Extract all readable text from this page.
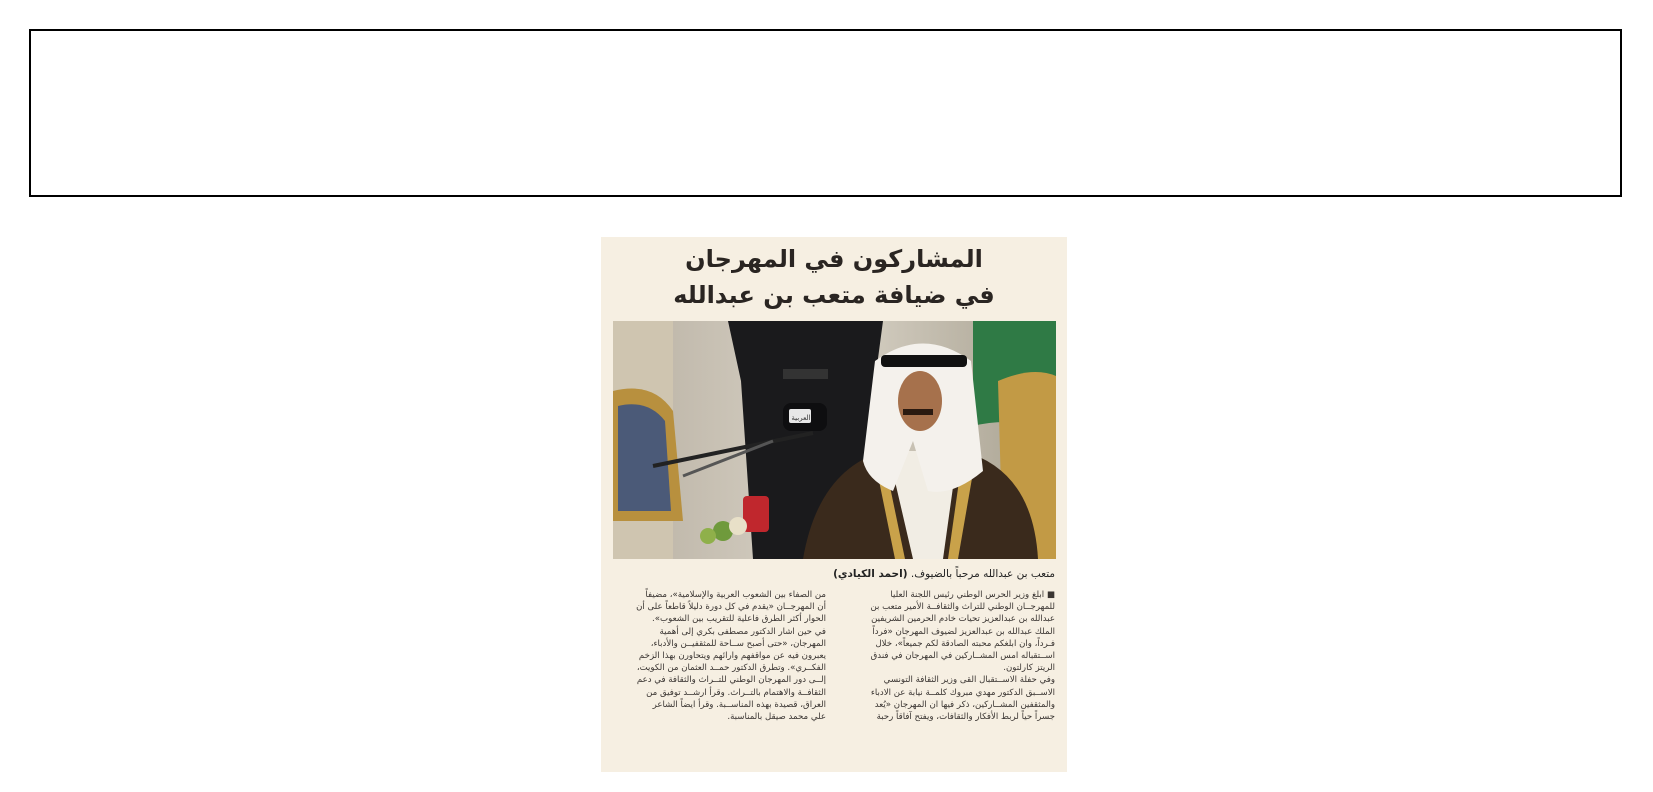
المشاركون في المهرجان
في ضيافة متعب بن عبدالله
العربية
متعب بن عبدالله مرحباً بالضيوف. (احمد الكيادي)
■ ابلغ وزير الحرس الوطني رئيس اللجنة العليا
للمهرجــان الوطني للتراث والثقافــة الأمير متعب بن
عبدالله بن عبدالعزيز تحيات خادم الحرمين الشريفين
الملك عبدالله بن عبدالعزيز لضيوف المهرجان «فرداً
فـرداً، وان ابلغكم محبته الصادقة لكم جميعاً»، خلال
اســتقباله امس المشــاركين في المهرجان في فندق
الريتز كارلتون.
وفي حفلة الاســتقبال القى وزير الثقافة التونسي
الاســبق الدكتور مهدي مبروك كلمــة نيابة عن الادباء
والمثقفين المشــاركين، ذكر فيها ان المهرجان «يُعد
جسراً حياً لربط الأفكار والثقافات، ويفتح آفاقاً رحبة
من الصفاء بين الشعوب العربية والإسلامية»، مضيفاً
أن المهرجــان «يقدم في كل دورة دليلاً قاطعاً على أن
الحوار أكثر الطرق فاعلية للتقريب بين الشعوب».
في حين اشار الدكتور مصطفى بكري إلى أهمية
المهرجان، «حتى أصبح ســاحة للمثقفيــن والأدباء،
يعبرون فيه عن مواقفهم وارائهم ويتحاورن بهذا الزخم
الفكــري». وتطرق الدكتور حمــد العثمان من الكويت،
إلــى دور المهرجان الوطني للتــراث والثقافة في دعم
الثقافــة والاهتمام بالتــراث. وقرأ ارشــد توفيق من
العراق، قصيدة بهذه المناســبة. وقرأ ايضاً الشاعر
علي محمد صيقل بالمناسبة.
